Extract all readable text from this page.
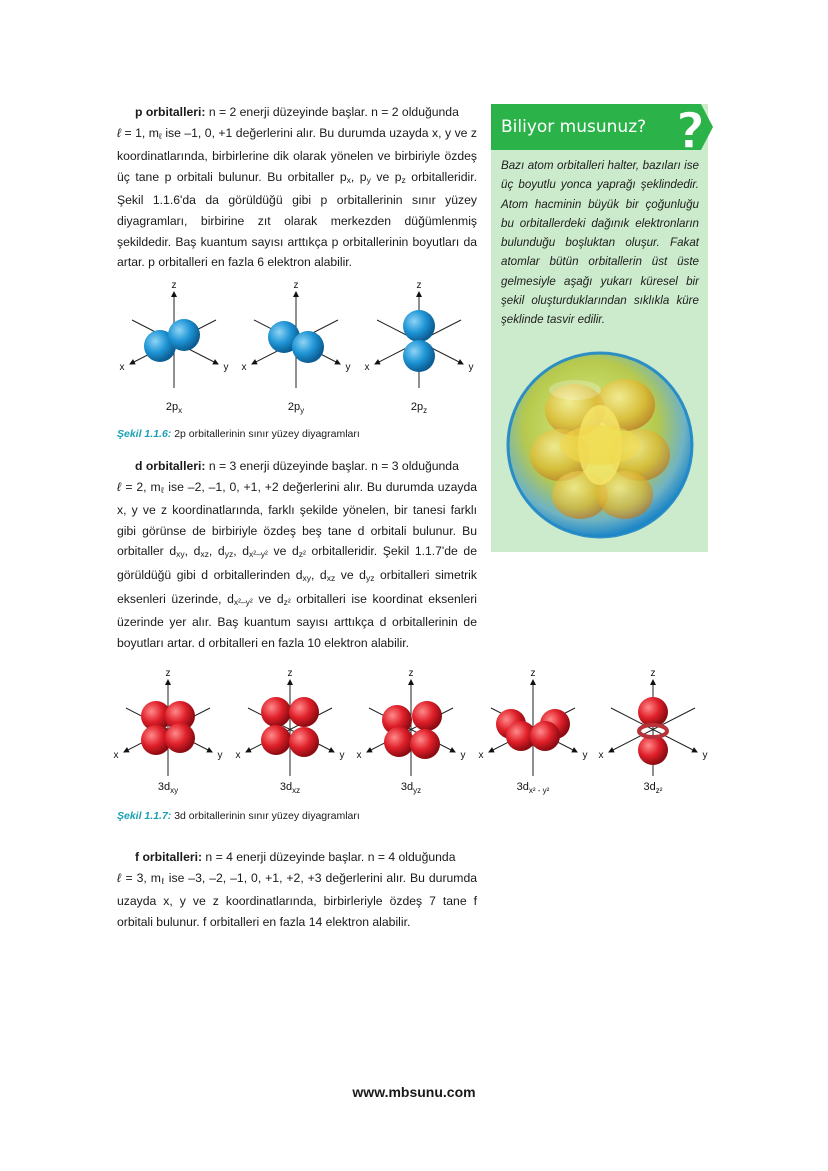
p orbitalleri: n = 2 enerji düzeyinde başlar. n = 2 olduğunda
ℓ = 1, $m_\ell$ ise –1, 0, +1 değerlerini alır. Bu durumda uzayda x, y ve z koordinatlarında, birbirlerine dik olarak yönelen ve birbiriyle özdeş üç tane p orbitali bulunur. Bu orbitaller $p_x$, $p_y$ ve $p_z$ orbitalleridir. Şekil 1.1.6'da da görüldüğü gibi p orbitallerinin sınır yüzey diyagramları, birbirine zıt olarak merkezden düğümlenmiş şekildedir. Baş kuantum sayısı arttıkça p orbitallerinin boyutları da artar. p orbitalleri en fazla 6 elektron alabilir.
z
x	y
$2p_x$
z
x	y
$2p_y$
z
x	y
$2p_z$
Şekil 1.1.6: 2p orbitallerinin sınır yüzey diyagramları
d orbitalleri: n = 3 enerji düzeyinde başlar. n = 3 olduğunda
ℓ = 2, $m_\ell$ ise –2, –1, 0, +1, +2 değerlerini alır. Bu durumda uzayda x, y ve z koordinatlarında, farklı şekilde yönelen, bir tanesi farklı gibi görünse de birbiriyle özdeş beş tane d orbitali bulunur. Bu orbitaller $d_{xy}$, $d_{xz}$, $d_{yz}$, $d_{x^2-y^2}$ ve $d_{z^2}$ orbitalleridir. Şekil 1.1.7'de de görüldüğü gibi d orbitallerinden $d_{xy}$, $d_{xz}$ ve $d_{yz}$ orbitalleri simetrik eksenleri üzerinde, $d_{x^2-y^2}$ ve $d_{z^2}$ orbitalleri ise koordinat eksenleri üzerinde yer alır. Baş kuantum sayısı arttıkça d orbitallerinin de boyutları artar. d orbitalleri en fazla 10 elektron alabilir.
z
x	y
$3d_{xy}$
z
x	y
$3d_{xz}$
z
x	y
$3d_{yz}$
z
x	y
$3d_{x^2 - y^2}$
z
x	y
$3d_{z^2}$
Şekil 1.1.7: 3d orbitallerinin sınır yüzey diyagramları
f orbitalleri: n = 4 enerji düzeyinde başlar. n = 4 olduğunda
ℓ = 3, $m_\ell$ ise –3, –2, –1, 0, +1, +2, +3 değerlerini alır. Bu durumda uzayda x, y ve z koordinatlarında, birbirleriyle özdeş 7 tane f orbitali bulunur. f orbitalleri en fazla 14 elektron alabilir.
?
Biliyor musunuz?
Bazı atom orbitalleri halter, bazıları ise üç boyutlu yonca yaprağı şeklindedir. Atom hacminin büyük bir çoğunluğu bu orbitallerdeki dağınık elektronların bulunduğu boşluktan oluşur. Fakat atomlar bütün orbitallerin üst üste gelmesiyle aşağı yukarı küresel bir şekil oluşturduklarından sıklıkla küre şeklinde tasvir edilir.
www.mbsunu.com
